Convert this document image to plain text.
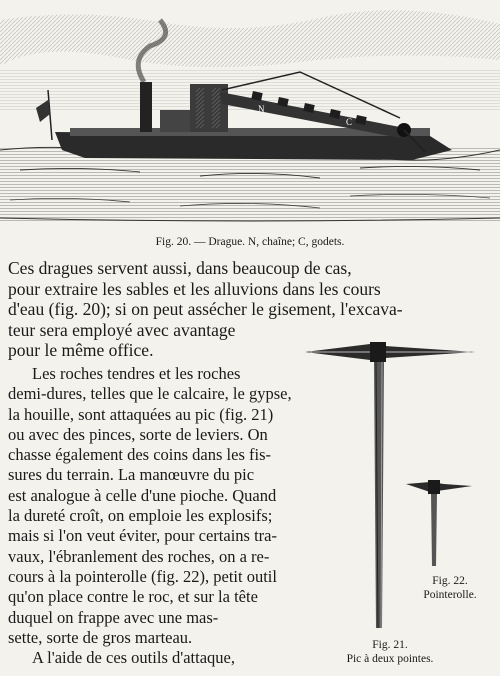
N
C
Fig. 20. — Drague. N, chaîne; C, godets.
Ces dragues servent aussi, dans beaucoup de cas,
pour extraire les sables et les alluvions dans les cours
d'eau (fig. 20); si on peut assécher le gisement, l'excava-
teur sera employé avec avantage
pour le même office.
Les roches tendres et les roches
demi-dures, telles que le calcaire, le gypse,
la houille, sont attaquées au pic (fig. 21)
ou avec des pinces, sorte de leviers. On
chasse également des coins dans les fis-
sures du terrain. La manœuvre du pic
est analogue à celle d'une pioche. Quand
la dureté croît, on emploie les explosifs;
mais si l'on veut éviter, pour certains tra-
vaux, l'ébranlement des roches, on a re-
cours à la pointerolle (fig. 22), petit outil
qu'on place contre le roc, et sur la tête
duquel on frappe avec une mas-
sette, sorte de gros marteau.
A l'aide de ces outils d'attaque,
Fig. 22.
Pointerolle.
Fig. 21.
Pic à deux pointes.
